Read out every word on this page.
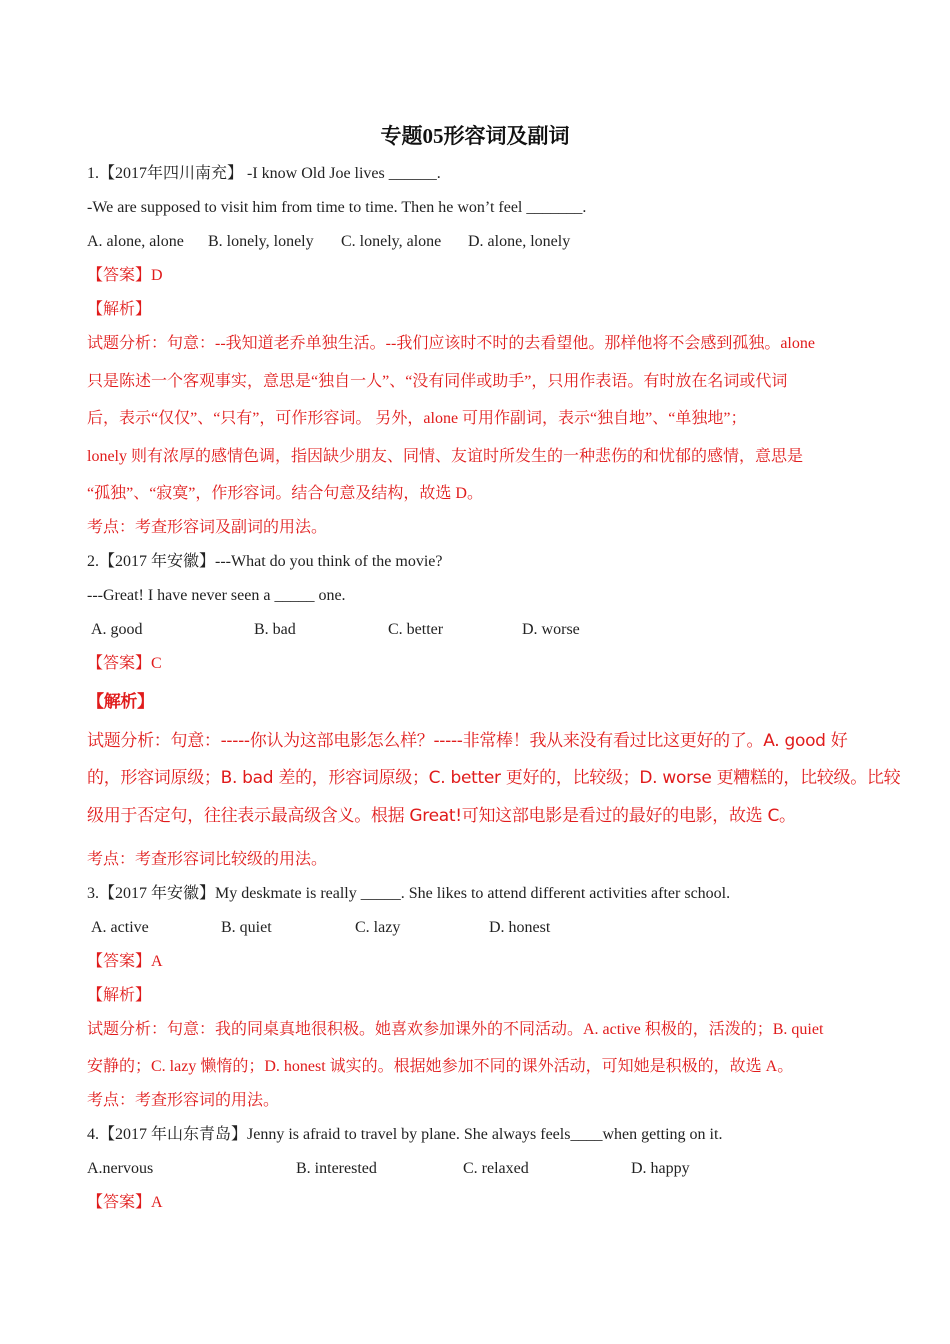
专题05形容词及副词
1.【2017年四川南充】 -I know Old Joe lives ______.
-We are supposed to visit him from time to time. Then he won’t feel _______.
A. alone, alone B. lonely, lonely C. lonely, alone D. alone, lonely
【答案】D
【解析】
试题分析：句意：--我知道老乔单独生活。--我们应该时不时的去看望他。那样他将不会感到孤独。alone
只是陈述一个客观事实，意思是“独自一人”、“没有同伴或助手”，只用作表语。有时放在名词或代词
后，表示“仅仅”、“只有”，可作形容词。 另外，alone 可用作副词，表示“独自地”、“单独地”；
lonely 则有浓厚的感情色调，指因缺少朋友、同情、友谊时所发生的一种悲伤的和忧郁的感情，意思是
“孤独”、“寂寞”，作形容词。结合句意及结构，故选 D。
考点：考查形容词及副词的用法。
2.【2017 年安徽】---What do you think of the movie?
---Great! I have never seen a _____ one.
A. good	B. bad	C. better	D. worse
【答案】C
【解析】
试题分析：句意：-----你认为这部电影怎么样？-----非常棒！我从来没有看过比这更好的了。A. good 好
的，形容词原级；B. bad 差的，形容词原级；C. better 更好的，比较级；D. worse 更糟糕的，比较级。比较
级用于否定句，往往表示最高级含义。根据 Great!可知这部电影是看过的最好的电影，故选 C。
考点：考查形容词比较级的用法。
3.【2017 年安徽】My deskmate is really _____. She likes to attend different activities after school.
A. active	B. quiet	C. lazy	D. honest
【答案】A
【解析】
试题分析：句意：我的同桌真地很积极。她喜欢参加课外的不同活动。A. active 积极的，活泼的；B. quiet
安静的；C. lazy 懒惰的；D. honest 诚实的。根据她参加不同的课外活动，可知她是积极的，故选 A。
考点：考查形容词的用法。
4.【2017 年山东青岛】Jenny is afraid to travel by plane. She always feels____when getting on it.
A.nervous	B. interested	C. relaxed	D. happy
【答案】A
